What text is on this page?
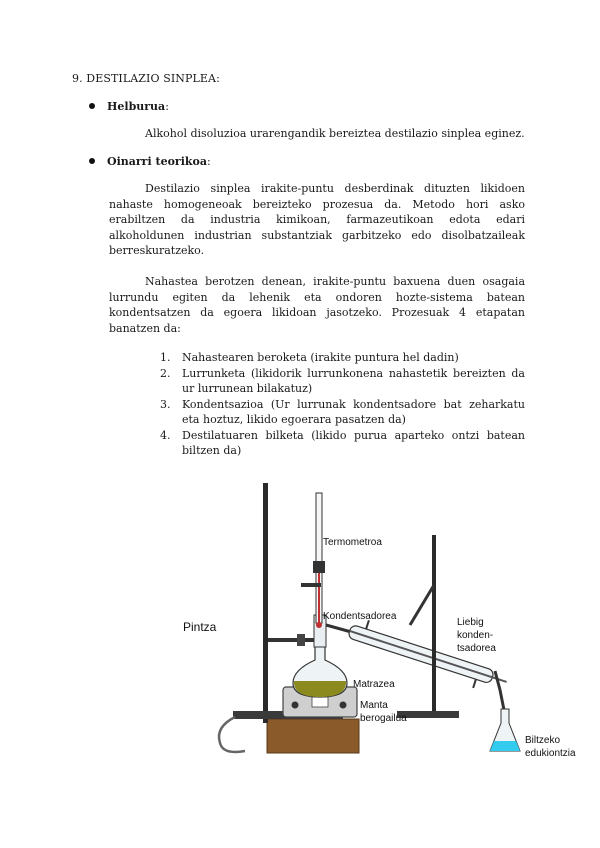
9. DESTILAZIO SINPLEA:
Helburua:
Alkohol disoluzioa urarengandik bereiztea destilazio sinplea eginez.
Oinarri teorikoa:
Destilazio sinplea irakite-puntu desberdinak dituzten likidoen nahaste homogeneoak bereizteko prozesua da. Metodo hori asko erabiltzen da industria kimikoan, farmazeutikoan edota edari alkoholdunen industrian substantziak garbitzeko edo disolbatzaileak berreskuratzeko.
Nahastea berotzen denean, irakite-puntu baxuena duen osagaia lurrundu egiten da lehenik eta ondoren hozte-sistema batean kondentsatzen da egoera likidoan jasotzeko. Prozesuak 4 etapatan banatzen da:
1. Nahastearen beroketa (irakite puntura hel dadin)
2. Lurrunketa (likidorik lurrunkonena nahastetik bereizten da ur lurrunean bilakatuz)
3. Kondentsazioa (Ur lurrunak kondentsadore bat zeharkatu eta hoztuz, likido egoerara pasatzen da)
4. Destilatuaren bilketa (likido purua aparteko ontzi batean biltzen da)
Termometroa
Pintza
Kondentsadorea
Liebig
konden-
tsadorea
Matrazea
Manta
berogailua
Biltzeko
edukiontzia
